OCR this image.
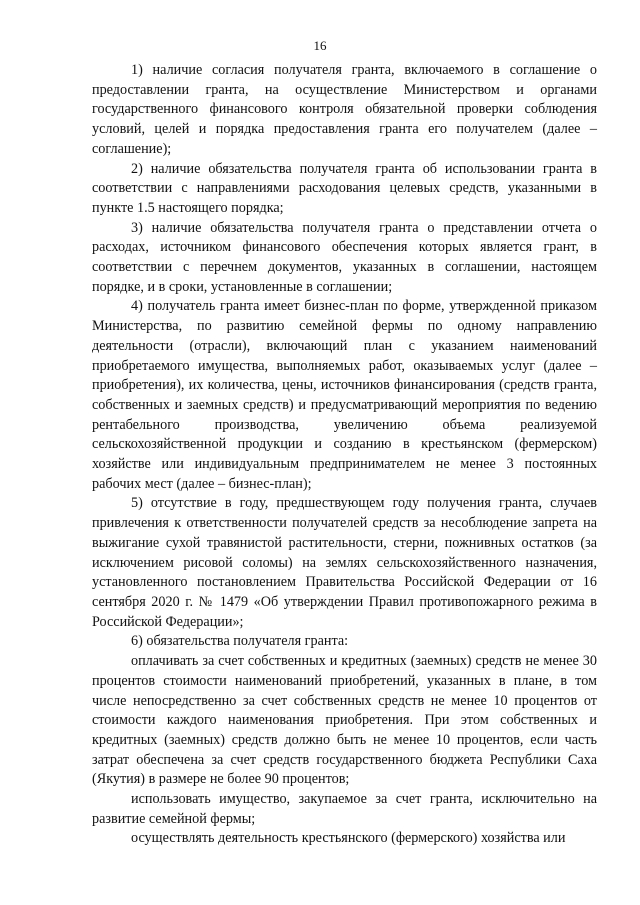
16

1) наличие согласия получателя гранта, включаемого в соглашение о предоставлении гранта, на осуществление Министерством и органами государственного финансового контроля обязательной проверки соблюдения условий, целей и порядка предоставления гранта его получателем (далее – соглашение);

2) наличие обязательства получателя гранта об использовании гранта в соответствии с направлениями расходования целевых средств, указанными в пункте 1.5 настоящего порядка;

3) наличие обязательства получателя гранта о представлении отчета о расходах, источником финансового обеспечения которых является грант, в соответствии с перечнем документов, указанных в соглашении, настоящем порядке, и в сроки, установленные в соглашении;

4) получатель гранта имеет бизнес-план по форме, утвержденной приказом Министерства, по развитию семейной фермы по одному направлению деятельности (отрасли), включающий план с указанием наименований приобретаемого имущества, выполняемых работ, оказываемых услуг (далее – приобретения), их количества, цены, источников финансирования (средств гранта, собственных и заемных средств) и предусматривающий мероприятия по ведению рентабельного производства, увеличению объема реализуемой сельскохозяйственной продукции и созданию в крестьянском (фермерском) хозяйстве или индивидуальным предпринимателем не менее 3 постоянных рабочих мест (далее – бизнес-план);

5) отсутствие в году, предшествующем году получения гранта, случаев привлечения к ответственности получателей средств за несоблюдение запрета на выжигание сухой травянистой растительности, стерни, пожнивных остатков (за исключением рисовой соломы) на землях сельскохозяйственного назначения, установленного постановлением Правительства Российской Федерации от 16 сентября 2020 г. № 1479 «Об утверждении Правил противопожарного режима в Российской Федерации»;

6) обязательства получателя гранта:

оплачивать за счет собственных и кредитных (заемных) средств не менее 30 процентов стоимости наименований приобретений, указанных в плане, в том числе непосредственно за счет собственных средств не менее 10 процентов от стоимости каждого наименования приобретения. При этом собственных и кредитных (заемных) средств должно быть не менее 10 процентов, если часть затрат обеспечена за счет средств государственного бюджета Республики Саха (Якутия) в размере не более 90 процентов;

использовать имущество, закупаемое за счет гранта, исключительно на развитие семейной фермы;

осуществлять деятельность крестьянского (фермерского) хозяйства или
